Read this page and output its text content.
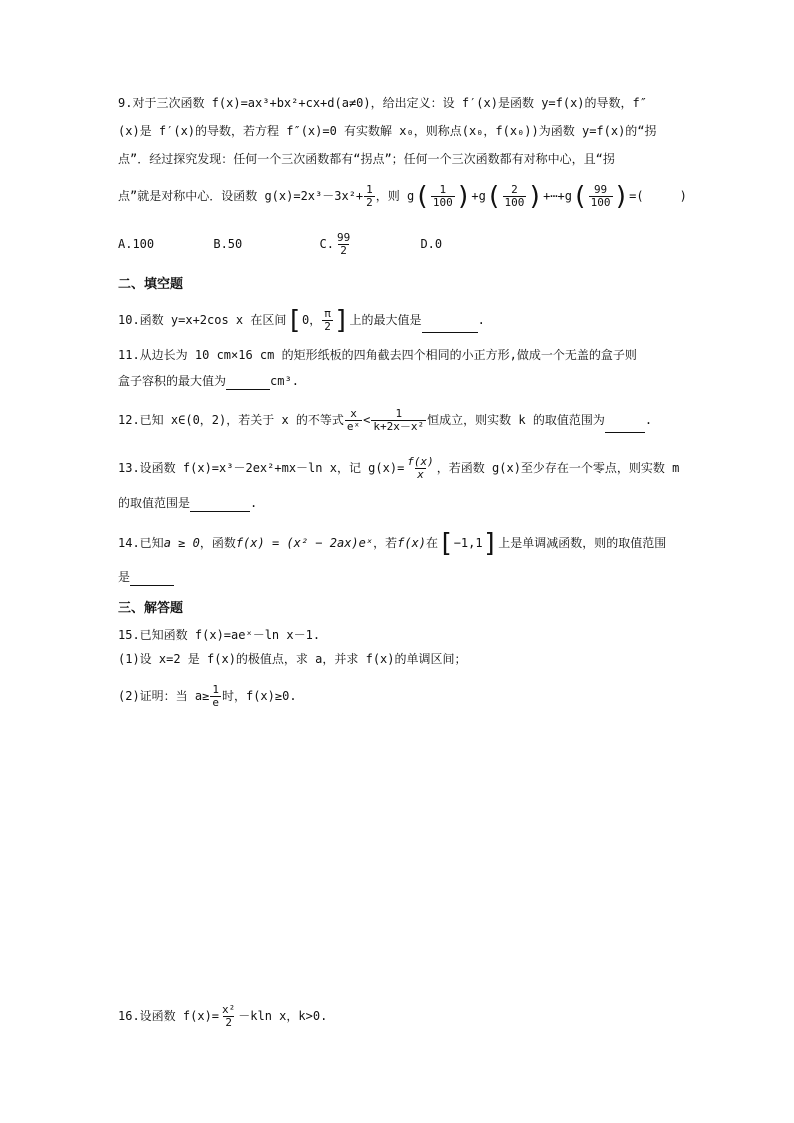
9.对于三次函数 f(x)=ax³+bx²+cx+d(a≠0)，给出定义：设 f′(x)是函数 y=f(x)的导数，f″
(x)是 f′(x)的导数，若方程 f″(x)=0 有实数解 x₀，则称点(x₀，f(x₀))为函数 y=f(x)的“拐
点”．经过探究发现：任何一个三次函数都有“拐点”；任何一个三次函数都有对称中心，且“拐
点”就是对称中心．设函数 $g(x)=2x^3-3x^2+ \frac{1}{2}$ ，则 $g( \frac{1}{100} )+g( \frac{2}{100}$ )+⋯+g( $\frac{99}{100}$ )=(　　　)
A.100	B.50	C. $\frac{99}{2}$	D.0
二、填空题
10.函数 y=x+2cos x 在区间[0， $\frac{\pi}{2}$ ]上的最大值是	.
11.从边长为 10 cm×16 cm 的矩形纸板的四角截去四个相同的小正方形,做成一个无盖的盒子则
盒子容积的最大值为	cm³.
12.已知 x∈(0，2)，若关于 x 的不等式 $\frac{x}{\text{eˣ}} < \frac{1}{\text{k+2x－x²}}$ 恒成立，则实数 k 的取值范围为	.
13.设函数 f(x)=x³－2ex²+mx－ln x，记 $g(x)= \frac{f(x)}{x}$ ，若函数 g(x)至少存在一个零点，则实数 m
的取值范围是	.
14.已知a ≥ 0，函数f(x) = (x² − 2ax)eˣ，若f(x)在[−1,1]上是单调减函数，则的取值范围
是
三、解答题
15.已知函数 f(x)=aeˣ－ln x－1.
(1)设 x=2 是 f(x)的极值点，求 a，并求 f(x)的单调区间；
(2)证明：当 $a\ge \frac{1}{e}$ 时，f(x)≥0.
16.设函数 $f(x)= \frac{\text{x²}}{2} -kln$ x，k>0.
